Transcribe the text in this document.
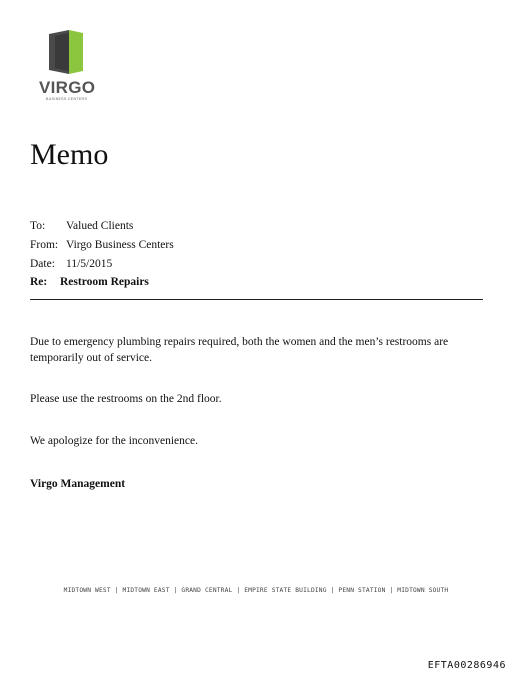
VIRGO
BUSINESS CENTERS
Memo
To:	Valued Clients
From: Virgo Business Centers
Date: 11/5/2015
Re:	Restroom Repairs

Due to emergency plumbing repairs required, both the women and the men’s restrooms are temporarily out of service.

Please use the restrooms on the 2nd floor.

We apologize for the inconvenience.

Virgo Management

MIDTOWN WEST | MIDTOWN EAST | GRAND CENTRAL | EMPIRE STATE BUILDING | PENN STATION | MIDTOWN SOUTH
EFTA00286946
